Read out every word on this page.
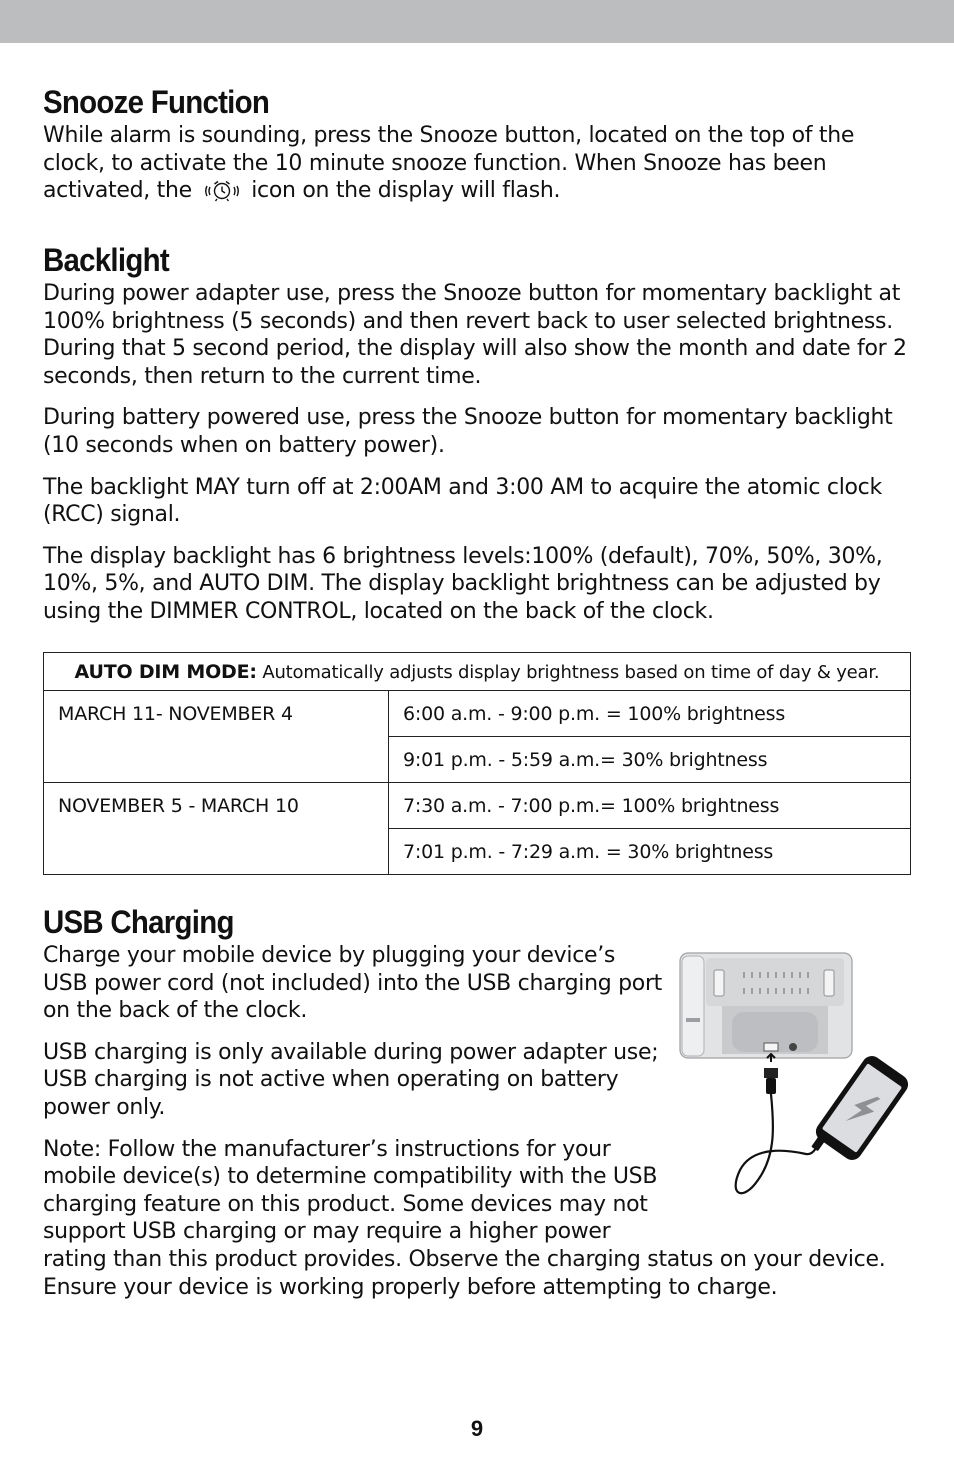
Snooze Function

While alarm is sounding, press the Snooze button, located on the top of the clock, to activate the 10 minute snooze function. When Snooze has been activated, the	icon on the display will flash.

Backlight

During power adapter use, press the Snooze button for momentary backlight at 100% brightness (5 seconds) and then revert back to user selected brightness. During that 5 second period, the display will also show the month and date for 2 seconds, then return to the current time.

During battery powered use, press the Snooze button for momentary backlight (10 seconds when on battery power).

The backlight MAY turn off at 2:00AM and 3:00 AM to acquire the atomic clock (RCC) signal.

The display backlight has 6 brightness levels:100% (default), 70%, 50%, 30%, 10%, 5%, and AUTO DIM. The display backlight brightness can be adjusted by using the DIMMER CONTROL, located on the back of the clock.

AUTO DIM MODE: Automatically adjusts display brightness based on time of day & year.	
MARCH 11- NOVEMBER 4	6:00 a.m. - 9:00 p.m. = 100% brightness
	9:01 p.m. - 5:59 a.m.= 30% brightness
NOVEMBER 5 - MARCH 10	7:30 a.m. - 7:00 p.m.= 100% brightness
	7:01 p.m. - 7:29 a.m. = 30% brightness
USB Charging

Charge your mobile device by plugging your device’s USB power cord (not included) into the USB charging port on the back of the clock.

USB charging is only available during power adapter use; USB charging is not active when operating on battery power only.

Note: Follow the manufacturer’s instructions for your
mobile device(s) to determine compatibility with the USB
charging feature on this product. Some devices may not
support USB charging or may require a higher power
rating than this product provides. Observe the charging status on your device.
Ensure your device is working properly before attempting to charge.

9
